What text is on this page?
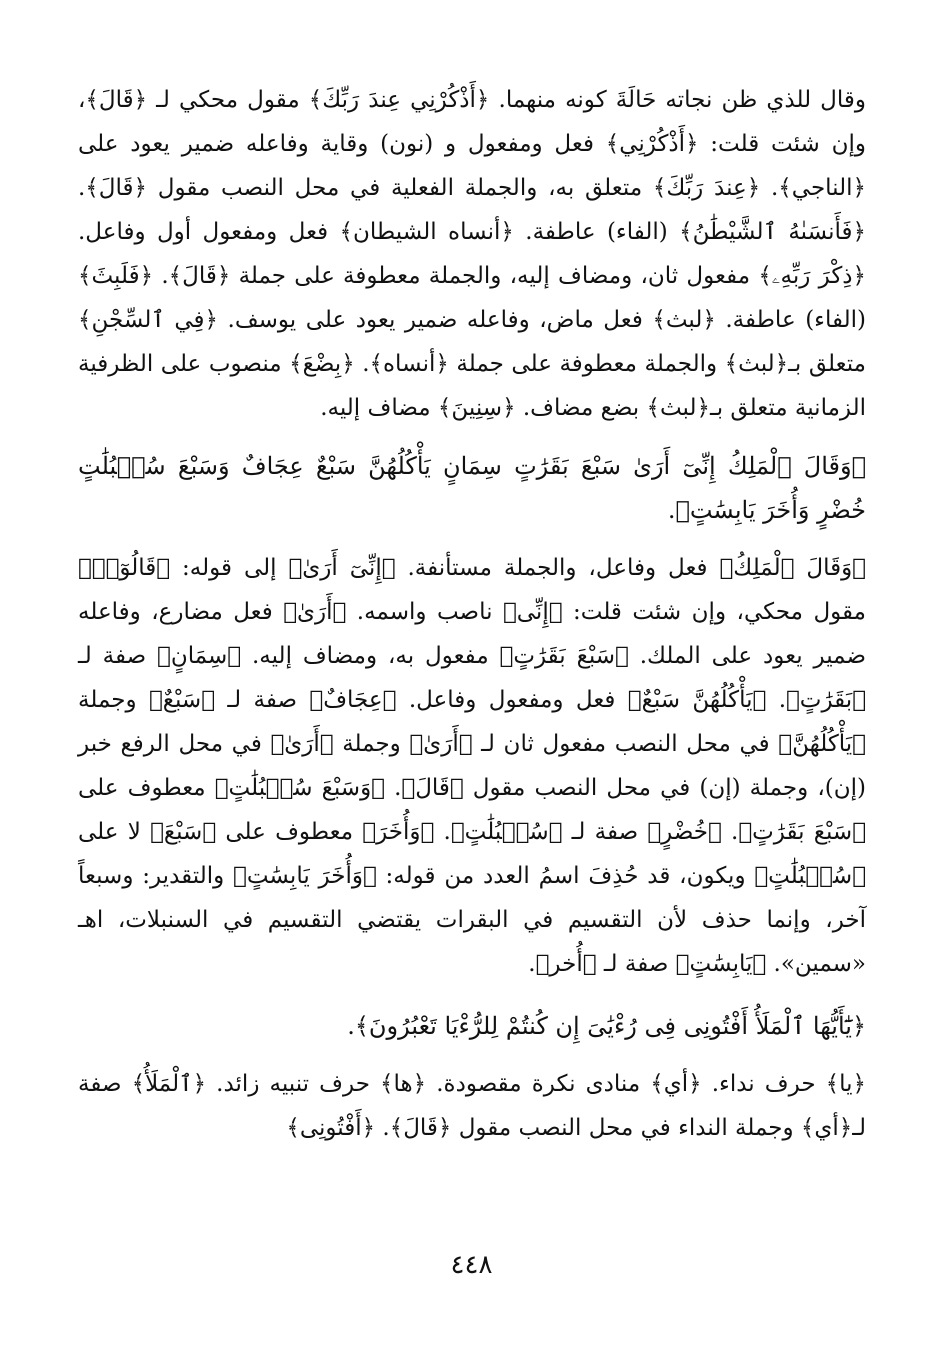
وقال للذي ظن نجاته حَالَةَ كونه منهما. ﴿أَذْكُرْنِي عِندَ رَبِّكَ﴾ مقول محكي لـ ﴿قَالَ﴾، وإن شئت قلت: ﴿أَذْكُرْنِي﴾ فعل ومفعول و (نون) وقاية وفاعله ضمير يعود على ﴿الناجي﴾. ﴿عِندَ رَبِّكَ﴾ متعلق به، والجملة الفعلية في محل النصب مقول ﴿قَالَ﴾. ﴿فَأَنسَىٰهُ ٱلشَّيْطَٰنُ﴾ (الفاء) عاطفة. ﴿أنساه الشيطان﴾ فعل ومفعول أول وفاعل. ﴿ذِكْرَ رَبِّهِۦ﴾ مفعول ثان، ومضاف إليه، والجملة معطوفة على جملة ﴿قَالَ﴾. ﴿فَلَبِثَ﴾ (الفاء) عاطفة. ﴿لبث﴾ فعل ماض، وفاعله ضمير يعود على يوسف. ﴿فِي ٱلسِّجْنِ﴾ متعلق بـ﴿لبث﴾ والجملة معطوفة على جملة ﴿أنساه﴾. ﴿بِضْعَ﴾ منصوب على الظرفية الزمانية متعلق بـ﴿لبث﴾ بضع مضاف. ﴿سِنِينَ﴾ مضاف إليه.

﴿وَقَالَ ٱلْمَلِكُ إِنِّىٓ أَرَىٰ سَبْعَ بَقَرَٰتٍ سِمَانٍ يَأْكُلُهُنَّ سَبْعٌ عِجَافٌ وَسَبْعَ سُنۢبُلَٰتٍ خُضْرٍ وَأُخَرَ يَابِسَٰتٍ﴾.

﴿وَقَالَ ٱلْمَلِكُ﴾ فعل وفاعل، والجملة مستأنفة. ﴿إِنِّىٓ أَرَىٰ﴾ إلى قوله: ﴿قَالُوٓا۟﴾ مقول محكي، وإن شئت قلت: ﴿إِنِّى﴾ ناصب واسمه. ﴿أَرَىٰ﴾ فعل مضارع، وفاعله ضمير يعود على الملك. ﴿سَبْعَ بَقَرَٰتٍ﴾ مفعول به، ومضاف إليه. ﴿سِمَانٍ﴾ صفة لـ ﴿بَقَرَٰتٍ﴾. ﴿يَأْكُلُهُنَّ سَبْعٌ﴾ فعل ومفعول وفاعل. ﴿عِجَافٌ﴾ صفة لـ ﴿سَبْعٌ﴾ وجملة ﴿يَأْكُلُهُنَّ﴾ في محل النصب مفعول ثان لـ ﴿أَرَىٰ﴾ وجملة ﴿أَرَىٰ﴾ في محل الرفع خبر (إن)، وجملة (إن) في محل النصب مقول ﴿قَالَ﴾. ﴿وَسَبْعَ سُنۢبُلَٰتٍ﴾ معطوف على ﴿سَبْعَ بَقَرَٰتٍ﴾. ﴿خُضْرٍ﴾ صفة لـ ﴿سُنۢبُلَٰتٍ﴾. ﴿وَأُخَرَ﴾ معطوف على ﴿سَبْعَ﴾ لا على ﴿سُنۢبُلَٰتٍ﴾ ويكون، قد حُذِفَ اسمُ العدد من قوله: ﴿وَأُخَرَ يَابِسَٰتٍ﴾ والتقدير: وسبعاً آخر، وإنما حذف لأن التقسيم في البقرات يقتضي التقسيم في السنبلات، اهـ «سمين». ﴿يَابِسَٰتٍ﴾ صفة لـ ﴿أُخر﴾.

﴿يَٰٓأَيُّهَا ٱلْمَلَأُ أَفْتُونِى فِى رُءْيَٰىَ إِن كُنتُمْ لِلرُّءْيَا تَعْبُرُونَ﴾.

﴿يا﴾ حرف نداء. ﴿أي﴾ منادى نكرة مقصودة. ﴿ها﴾ حرف تنبيه زائد. ﴿ٱلْمَلَأُ﴾ صفة لـ﴿أي﴾ وجملة النداء في محل النصب مقول ﴿قَالَ﴾. ﴿أَفْتُونِى﴾

٤٤٨
